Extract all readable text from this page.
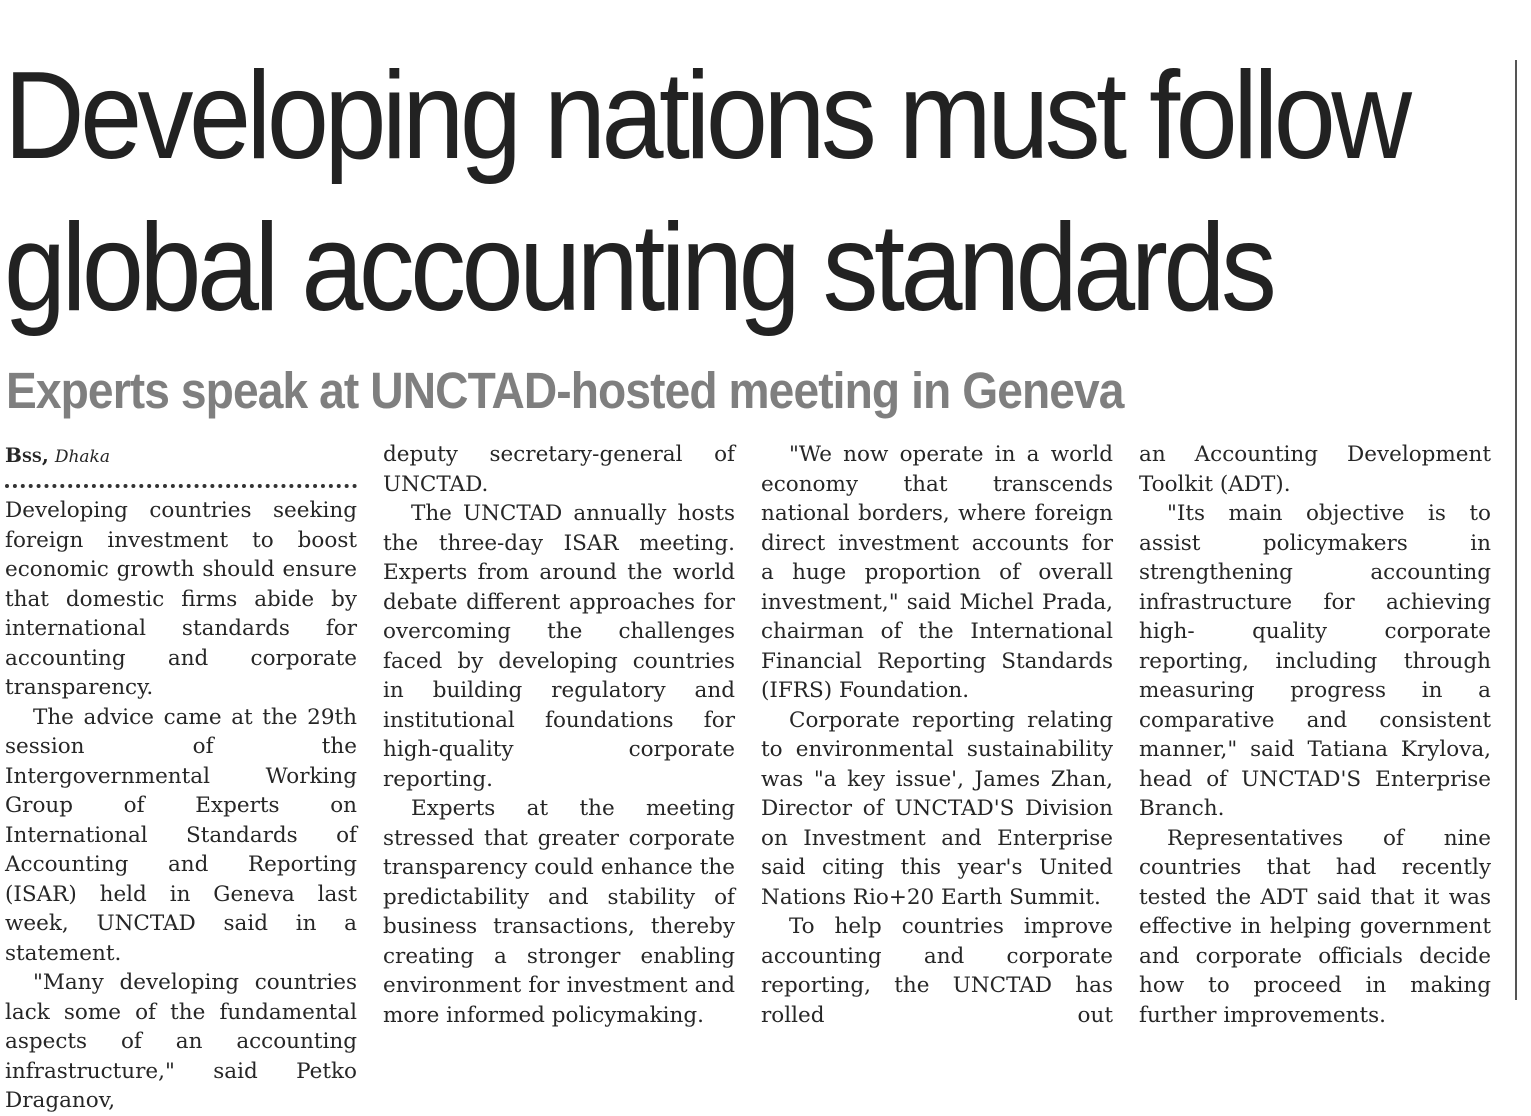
Developing nations must follow
global accounting standards
Experts speak at UNCTAD-hosted meeting in Geneva
Bss, Dhaka

Developing countries seeking foreign investment to boost economic growth should ensure that domestic firms abide by international standards for accounting and corporate transparency.

The advice came at the 29th session of the Intergovernmental Working Group of Experts on International Standards of Accounting and Reporting (ISAR) held in Geneva last week, UNCTAD said in a statement.

"Many developing countries lack some of the fundamental aspects of an accounting infrastructure," said Petko Draganov,

deputy secretary-general of UNCTAD.

The UNCTAD annually hosts the three-day ISAR meeting. Experts from around the world debate different approaches for overcoming the challenges faced by developing countries in building regulatory and institutional foundations for high-quality corporate reporting.

Experts at the meeting stressed that greater corporate transparency could enhance the predictability and stability of business transactions, thereby creating a stronger enabling environment for investment and more informed policymaking.

"We now operate in a world economy that transcends national borders, where foreign direct investment accounts for a huge proportion of overall investment," said Michel Prada, chairman of the International Financial Reporting Standards (IFRS) Foundation.

Corporate reporting relating to environmental sustainability was "a key issue', James Zhan, Director of UNCTAD'S Division on Investment and Enterprise said citing this year's United Nations Rio+20 Earth Summit.

To help countries improve accounting and corporate reporting, the UNCTAD has rolled out

an Accounting Development Toolkit (ADT).

"Its main objective is to assist policymakers in strengthening accounting infrastructure for achieving high- quality corporate reporting, including through measuring progress in a comparative and consistent manner," said Tatiana Krylova, head of UNCTAD'S Enterprise Branch.

Representatives of nine countries that had recently tested the ADT said that it was effective in helping government and corporate officials decide how to proceed in making further improvements.
